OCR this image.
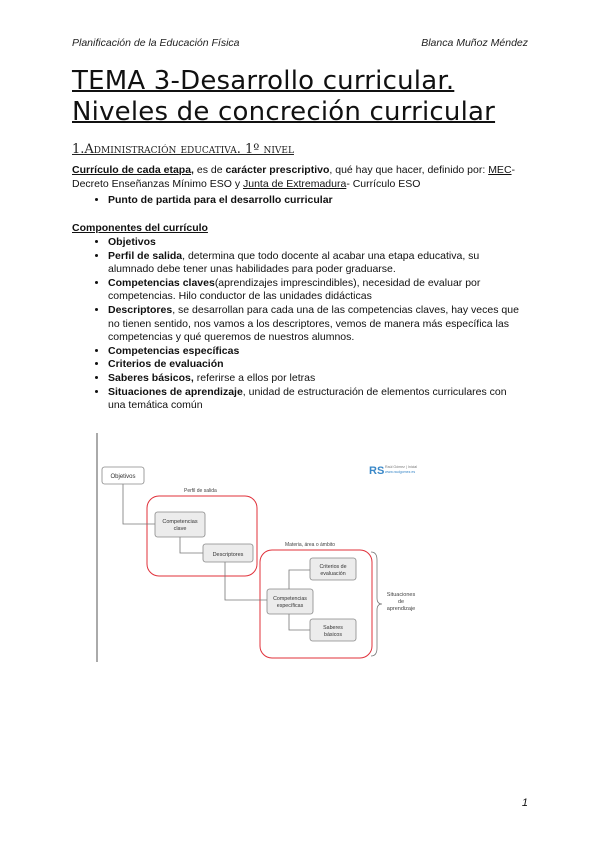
Planificación de la Educación Física	Blanca Muñoz Méndez
TEMA 3-Desarrollo curricular. Niveles de concreción curricular
1.Administración educativa. 1º nivel
Currículo de cada etapa, es de carácter prescriptivo, qué hay que hacer, definido por: MEC- Decreto Enseñanzas Mínimo ESO y Junta de Extremadura- Currículo ESO
• Punto de partida para el desarrollo curricular
Componentes del currículo
• Objetivos
• Perfil de salida, determina que todo docente al acabar una etapa educativa, su alumnado debe tener unas habilidades para poder graduarse.
• Competencias claves(aprendizajes imprescindibles), necesidad de evaluar por competencias. Hilo conductor de las unidades didácticas
• Descriptores, se desarrollan para cada una de las competencias claves, hay veces que no tienen sentido, nos vamos a los descriptores, vemos de manera más específica las competencias y qué queremos de nuestros alumnos.
• Competencias específicas
• Criterios de evaluación
• Saberes básicos, referirse a ellos por letras
• Situaciones de aprendizaje, unidad de estructuración de elementos curriculares con una temática común
RS Raúl Gómez | Inicial
www.raulgomez.es
Perfil de salida
Materia, área o ámbito
Objetivos
Competencias
clave
Descriptores
Competencias
específicas
Criterios de
evaluación
Saberes
básicos
Situaciones
de
aprendizaje
1
